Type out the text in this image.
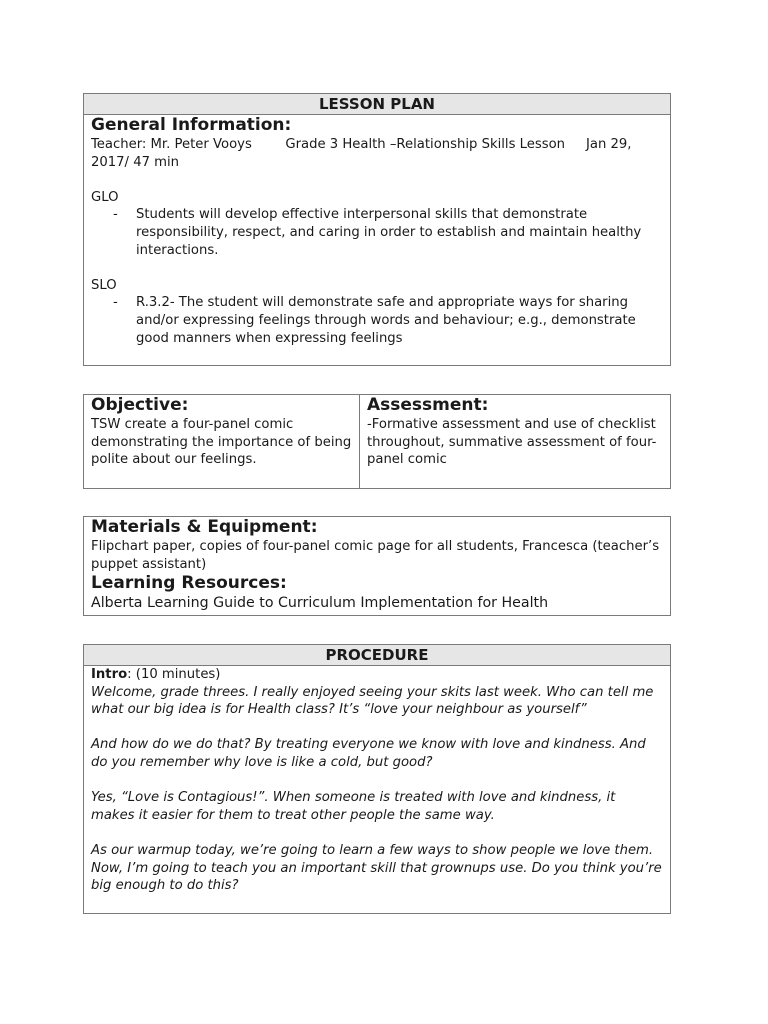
LESSON PLAN
General Information:
Teacher: Mr. Peter Vooys        Grade 3 Health –Relationship Skills Lesson     Jan 29,
2017/ 47 min
GLO
-	Students will develop effective interpersonal skills that demonstrate responsibility, respect, and caring in order to establish and maintain healthy interactions.
SLO
-	R.3.2- The student will demonstrate safe and appropriate ways for sharing and/or expressing feelings through words and behaviour; e.g., demonstrate good manners when expressing feelings
Objective:
TSW create a four-panel comic demonstrating the importance of being polite about our feelings.
Assessment:
-Formative assessment and use of checklist throughout, summative assessment of four-panel comic
Materials & Equipment:
Flipchart paper, copies of four-panel comic page for all students, Francesca (teacher’s puppet assistant)
Learning Resources:
Alberta Learning Guide to Curriculum Implementation for Health
PROCEDURE
Intro: (10 minutes)
Welcome, grade threes. I really enjoyed seeing your skits last week. Who can tell me what our big idea is for Health class? It’s “love your neighbour as yourself”
And how do we do that? By treating everyone we know with love and kindness. And do you remember why love is like a cold, but good?
Yes, “Love is Contagious!”. When someone is treated with love and kindness, it makes it easier for them to treat other people the same way.
As our warmup today, we’re going to learn a few ways to show people we love them. Now, I’m going to teach you an important skill that grownups use. Do you think you’re big enough to do this?
